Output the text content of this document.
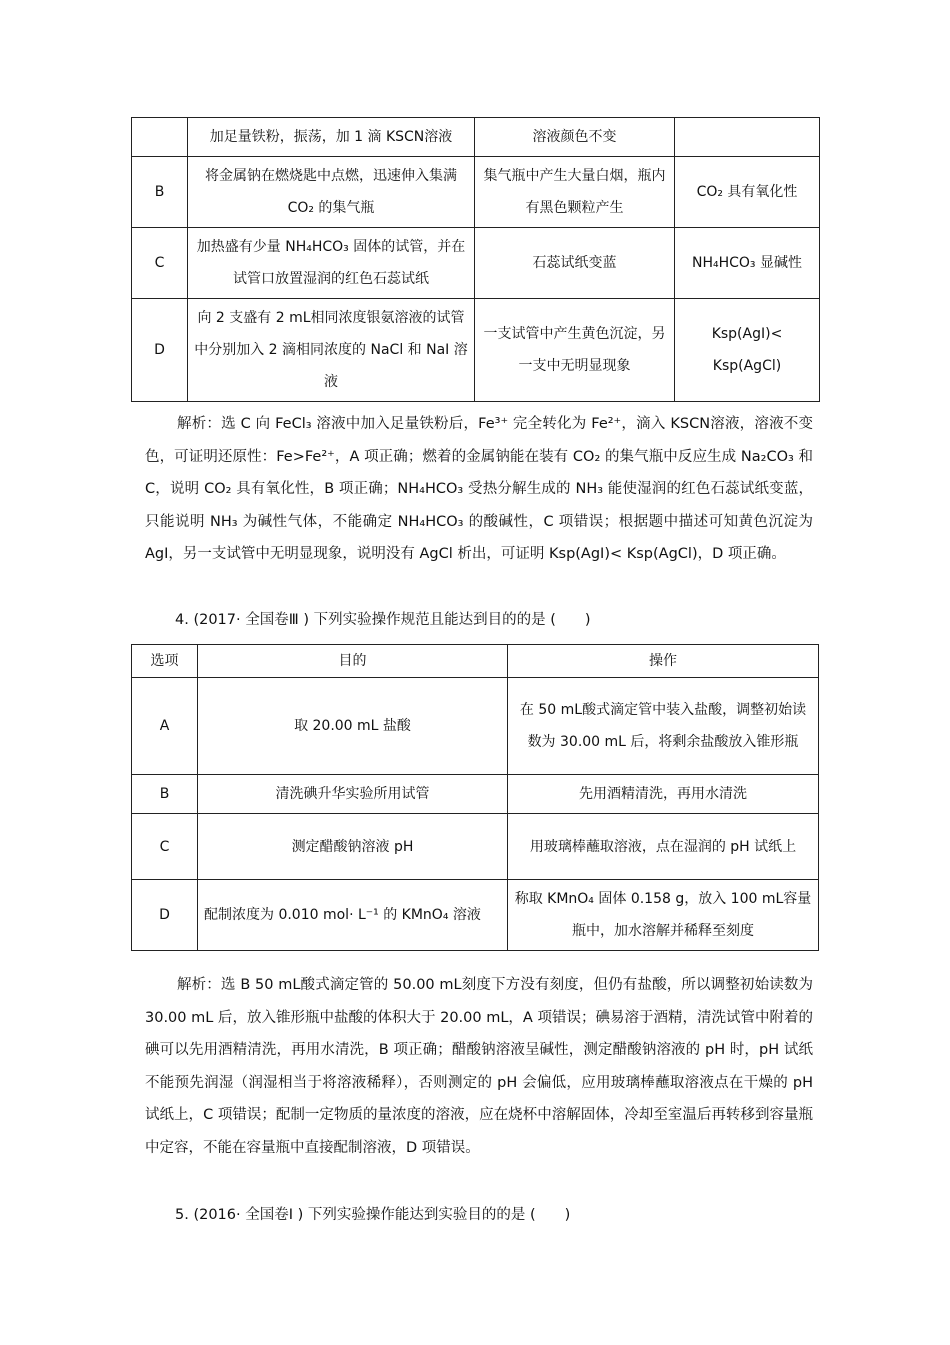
	加足量铁粉，振荡，加 1 滴 KSCN溶液	溶液颜色不变	
B	将金属钠在燃烧匙中点燃，迅速伸入集满 CO₂ 的集气瓶	集气瓶中产生大量白烟，瓶内有黑色颗粒产生	CO₂ 具有氧化性
C	加热盛有少量 NH₄HCO₃ 固体的试管，并在试管口放置湿润的红色石蕊试纸	石蕊试纸变蓝	NH₄HCO₃ 显碱性
D	向 2 支盛有 2 mL相同浓度银氨溶液的试管中分别加入 2 滴相同浓度的 NaCl 和 NaI 溶液	一支试管中产生黄色沉淀，另一支中无明显现象	Ksp(AgI)< Ksp(AgCl)
解析：选 C 向 FeCl₃ 溶液中加入足量铁粉后，Fe³⁺ 完全转化为 Fe²⁺，滴入 KSCN溶液，溶液不变色，可证明还原性：Fe>Fe²⁺，A 项正确；燃着的金属钠能在装有 CO₂ 的集气瓶中反应生成 Na₂CO₃ 和 C，说明 CO₂ 具有氧化性，B 项正确；NH₄HCO₃ 受热分解生成的 NH₃ 能使湿润的红色石蕊试纸变蓝，只能说明 NH₃ 为碱性气体，不能确定 NH₄HCO₃ 的酸碱性，C 项错误；根据题中描述可知黄色沉淀为 AgI，另一支试管中无明显现象，说明没有 AgCl 析出，可证明 Ksp(AgI)< Ksp(AgCl)，D 项正确。
4. (2017· 全国卷Ⅲ ) 下列实验操作规范且能达到目的的是 (　　)
选项	目的	操作
A	取 20.00 mL 盐酸	在 50 mL酸式滴定管中装入盐酸，调整初始读数为 30.00 mL 后，将剩余盐酸放入锥形瓶
B	清洗碘升华实验所用试管	先用酒精清洗，再用水清洗
C	测定醋酸钠溶液 pH	用玻璃棒蘸取溶液，点在湿润的 pH 试纸上
D	配制浓度为 0.010 mol· L⁻¹ 的 KMnO₄ 溶液	称取 KMnO₄ 固体 0.158 g，放入 100 mL容量瓶中，加水溶解并稀释至刻度
解析：选 B 50 mL酸式滴定管的 50.00 mL刻度下方没有刻度，但仍有盐酸，所以调整初始读数为 30.00 mL 后，放入锥形瓶中盐酸的体积大于 20.00 mL，A 项错误；碘易溶于酒精，清洗试管中附着的碘可以先用酒精清洗，再用水清洗，B 项正确；醋酸钠溶液呈碱性，测定醋酸钠溶液的 pH 时，pH 试纸不能预先润湿（润湿相当于将溶液稀释），否则测定的 pH 会偏低，应用玻璃棒蘸取溶液点在干燥的 pH 试纸上，C 项错误；配制一定物质的量浓度的溶液，应在烧杯中溶解固体，冷却至室温后再转移到容量瓶中定容，不能在容量瓶中直接配制溶液，D 项错误。
5. (2016· 全国卷Ⅰ ) 下列实验操作能达到实验目的的是 (　　)
